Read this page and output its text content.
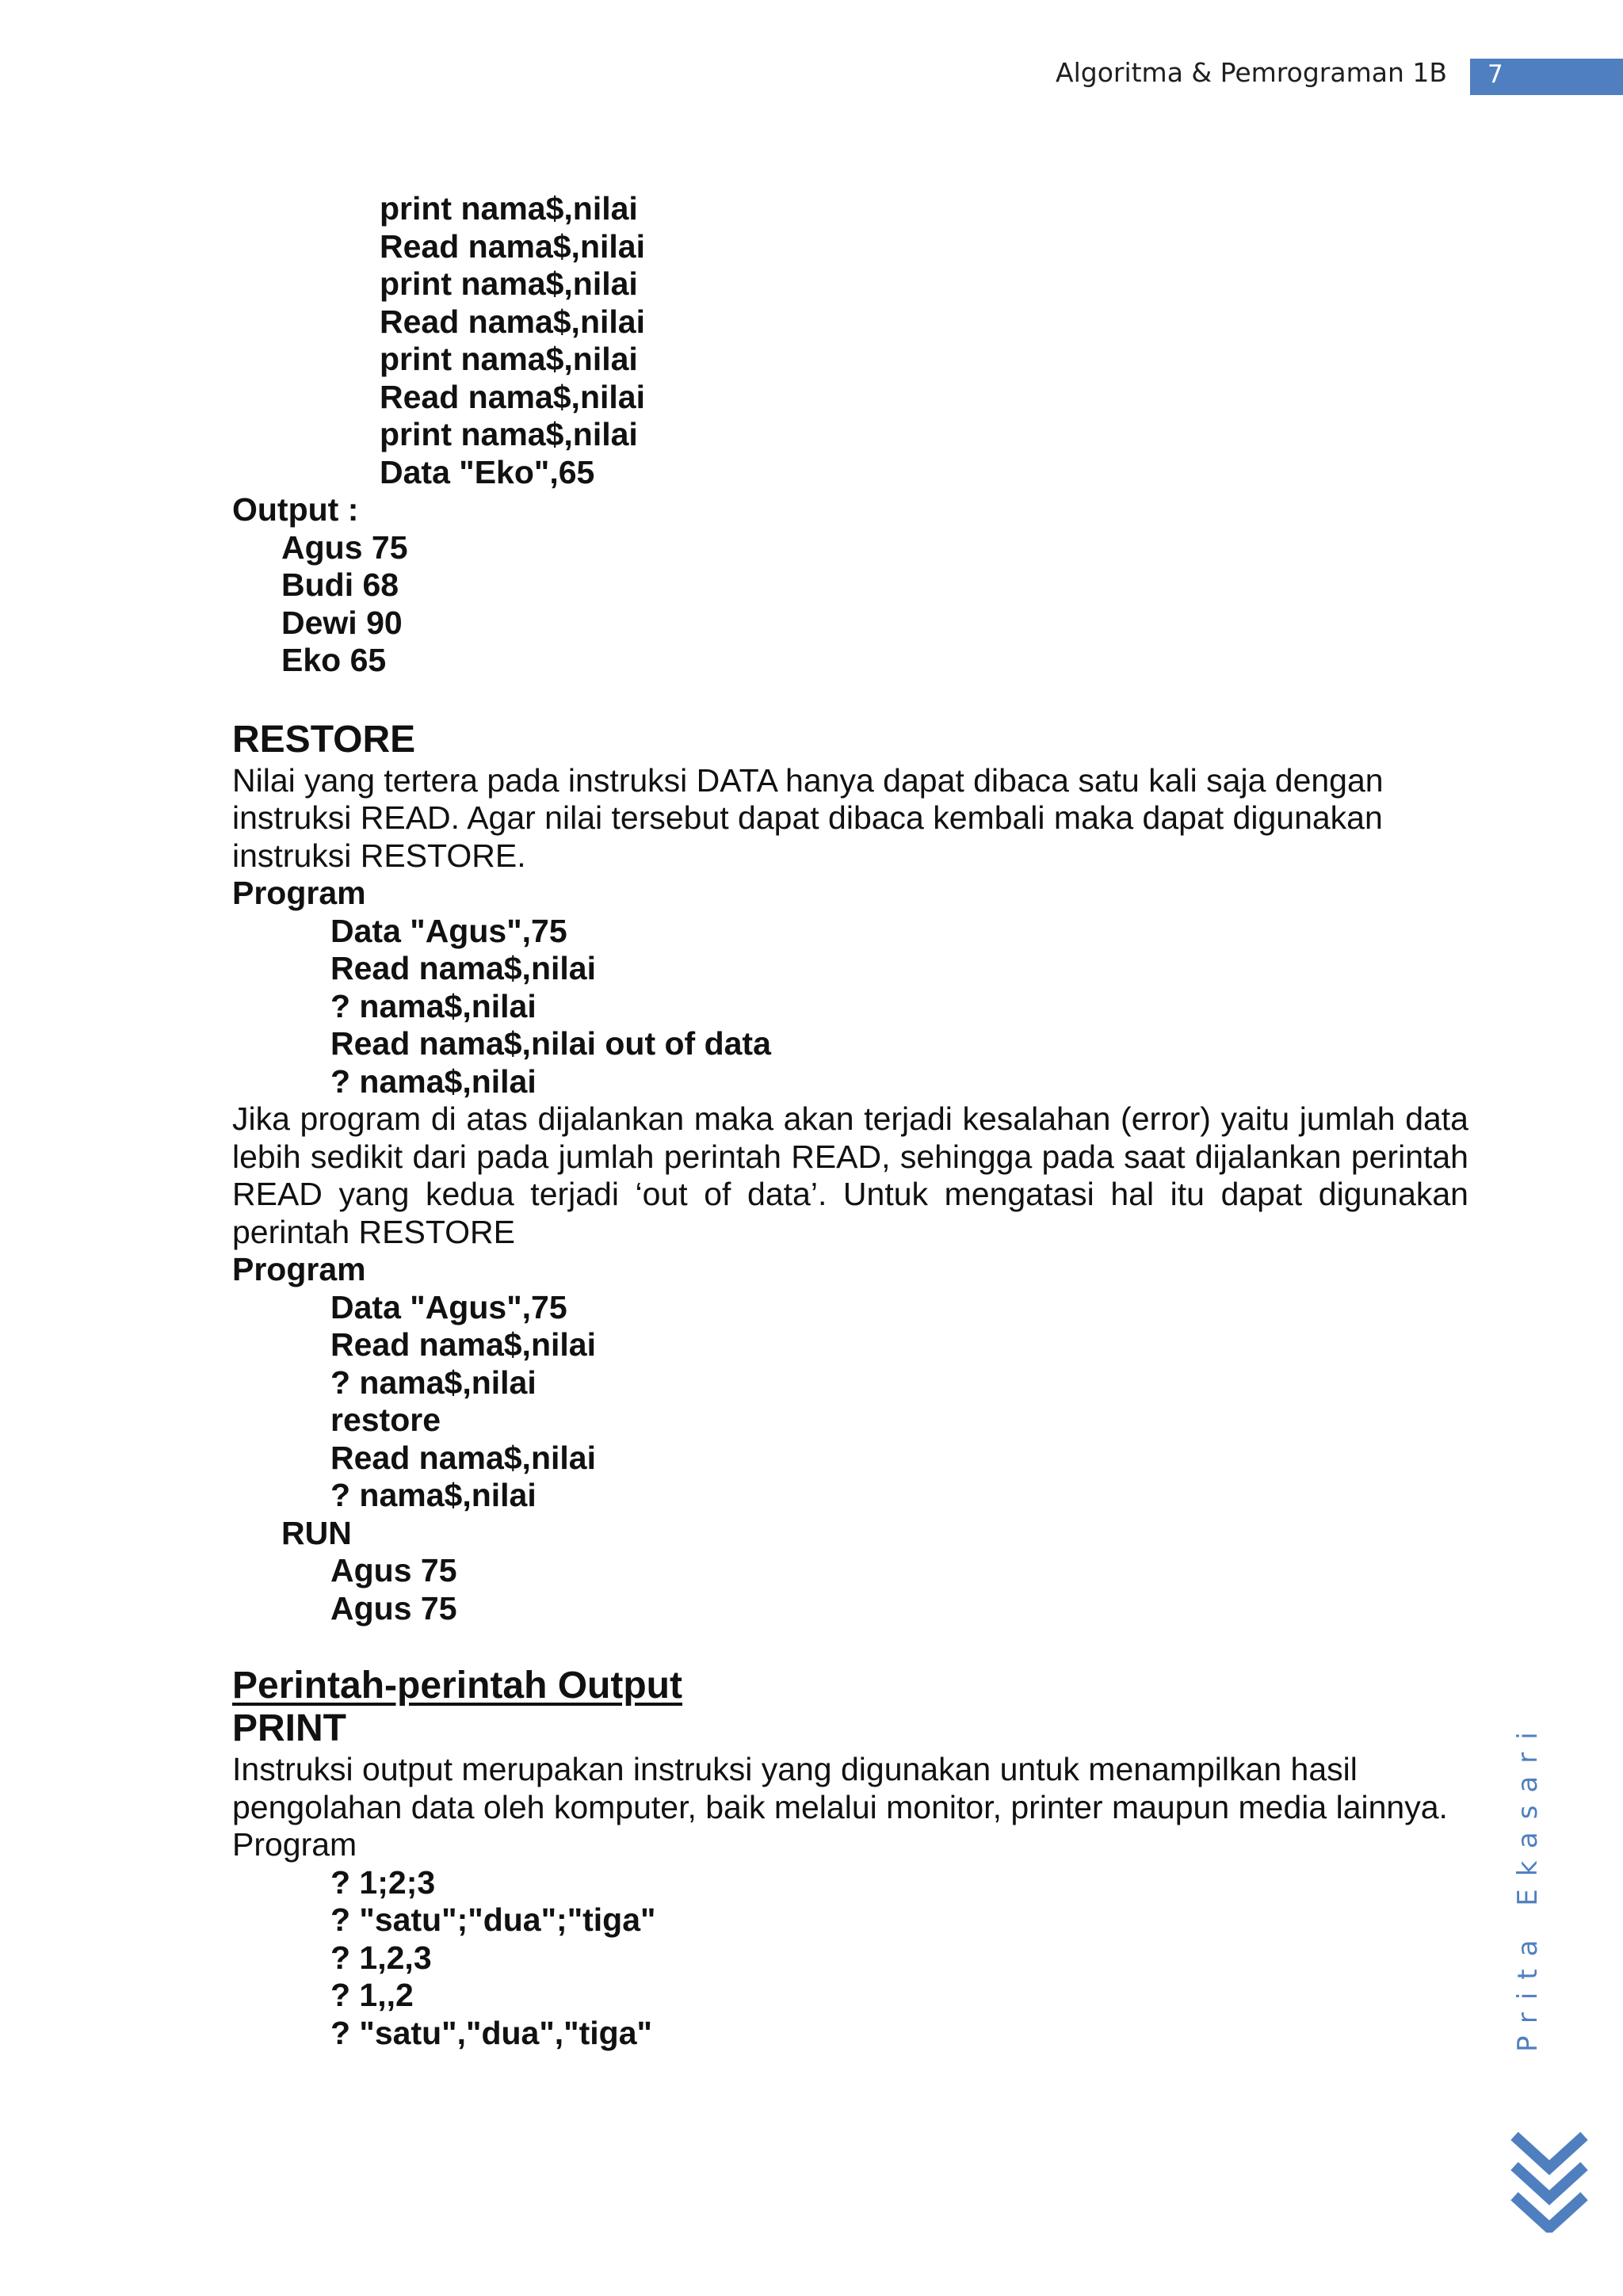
Algoritma & Pemrograman 1B 7
print nama$,nilai
Read nama$,nilai
print nama$,nilai
Read nama$,nilai
print nama$,nilai
Read nama$,nilai
print nama$,nilai
Data "Eko",65
Output :
Agus 75
Budi 68
Dewi 90
Eko 65
RESTORE
Nilai yang tertera pada instruksi DATA hanya dapat dibaca satu kali saja dengan
instruksi READ. Agar nilai tersebut dapat dibaca kembali maka dapat digunakan
instruksi RESTORE.
Program
Data "Agus",75
Read nama$,nilai
? nama$,nilai
Read nama$,nilai out of data
? nama$,nilai
Jika program di atas dijalankan maka akan terjadi kesalahan (error) yaitu jumlah data lebih sedikit dari pada jumlah perintah READ, sehingga pada saat dijalankan perintah READ yang kedua terjadi ‘out of data’. Untuk mengatasi hal itu dapat digunakan perintah RESTORE
Program
Data "Agus",75
Read nama$,nilai
? nama$,nilai
restore
Read nama$,nilai
? nama$,nilai
RUN
Agus 75
Agus 75
Perintah-perintah Output
PRINT
Instruksi output merupakan instruksi yang digunakan untuk menampilkan hasil
pengolahan data oleh komputer, baik melalui monitor, printer maupun media lainnya.
Program
? 1;2;3
? "satu";"dua";"tiga"
? 1,2,3
? 1,,2
? "satu","dua","tiga"	Prita Ekasari
